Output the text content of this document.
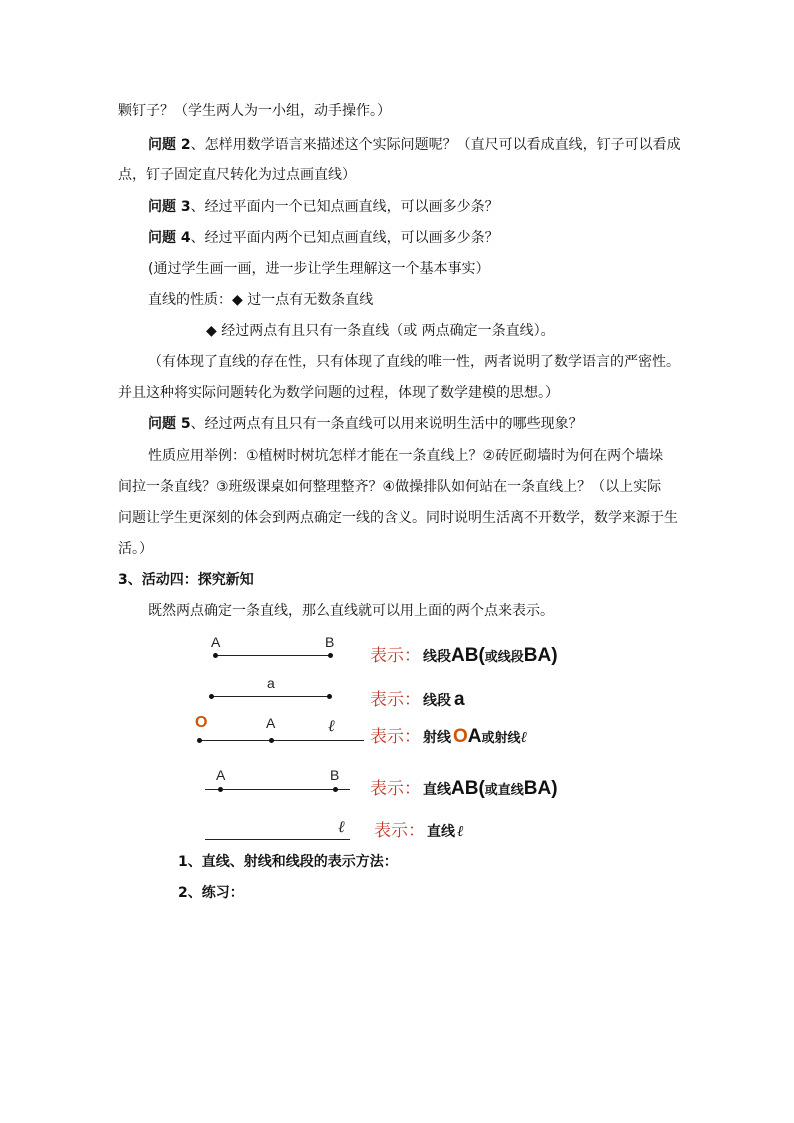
颗钉子？（学生两人为一小组，动手操作。）
问题 2、怎样用数学语言来描述这个实际问题呢？（直尺可以看成直线，钉子可以看成
点，钉子固定直尺转化为过点画直线）
问题 3、经过平面内一个已知点画直线，可以画多少条？
问题 4、经过平面内两个已知点画直线，可以画多少条？
(通过学生画一画，进一步让学生理解这一个基本事实）
直线的性质：◆ 过一点有无数条直线
◆ 经过两点有且只有一条直线（或 两点确定一条直线）。
（有体现了直线的存在性，只有体现了直线的唯一性，两者说明了数学语言的严密性。
并且这种将实际问题转化为数学问题的过程，体现了数学建模的思想。）
问题 5、经过两点有且只有一条直线可以用来说明生活中的哪些现象？
性质应用举例：①植树时树坑怎样才能在一条直线上？②砖匠砌墙时为何在两个墙垛
间拉一条直线？③班级课桌如何整理整齐？④做操排队如何站在一条直线上？（以上实际
问题让学生更深刻的体会到两点确定一线的含义。同时说明生活离不开数学，数学来源于生
活。）
3、活动四：探究新知
既然两点确定一条直线，那么直线就可以用上面的两个点来表示。
A	B
a
O	A	ℓ
A	B
ℓ
表示： 线段 AB( 或线段 BA)
表示： 线段 a
表示： 射线 O A 或射线 ℓ
表示： 直线 AB( 或直线 BA)
表示： 直线 ℓ
1、直线、射线和线段的表示方法：
2、练习：
